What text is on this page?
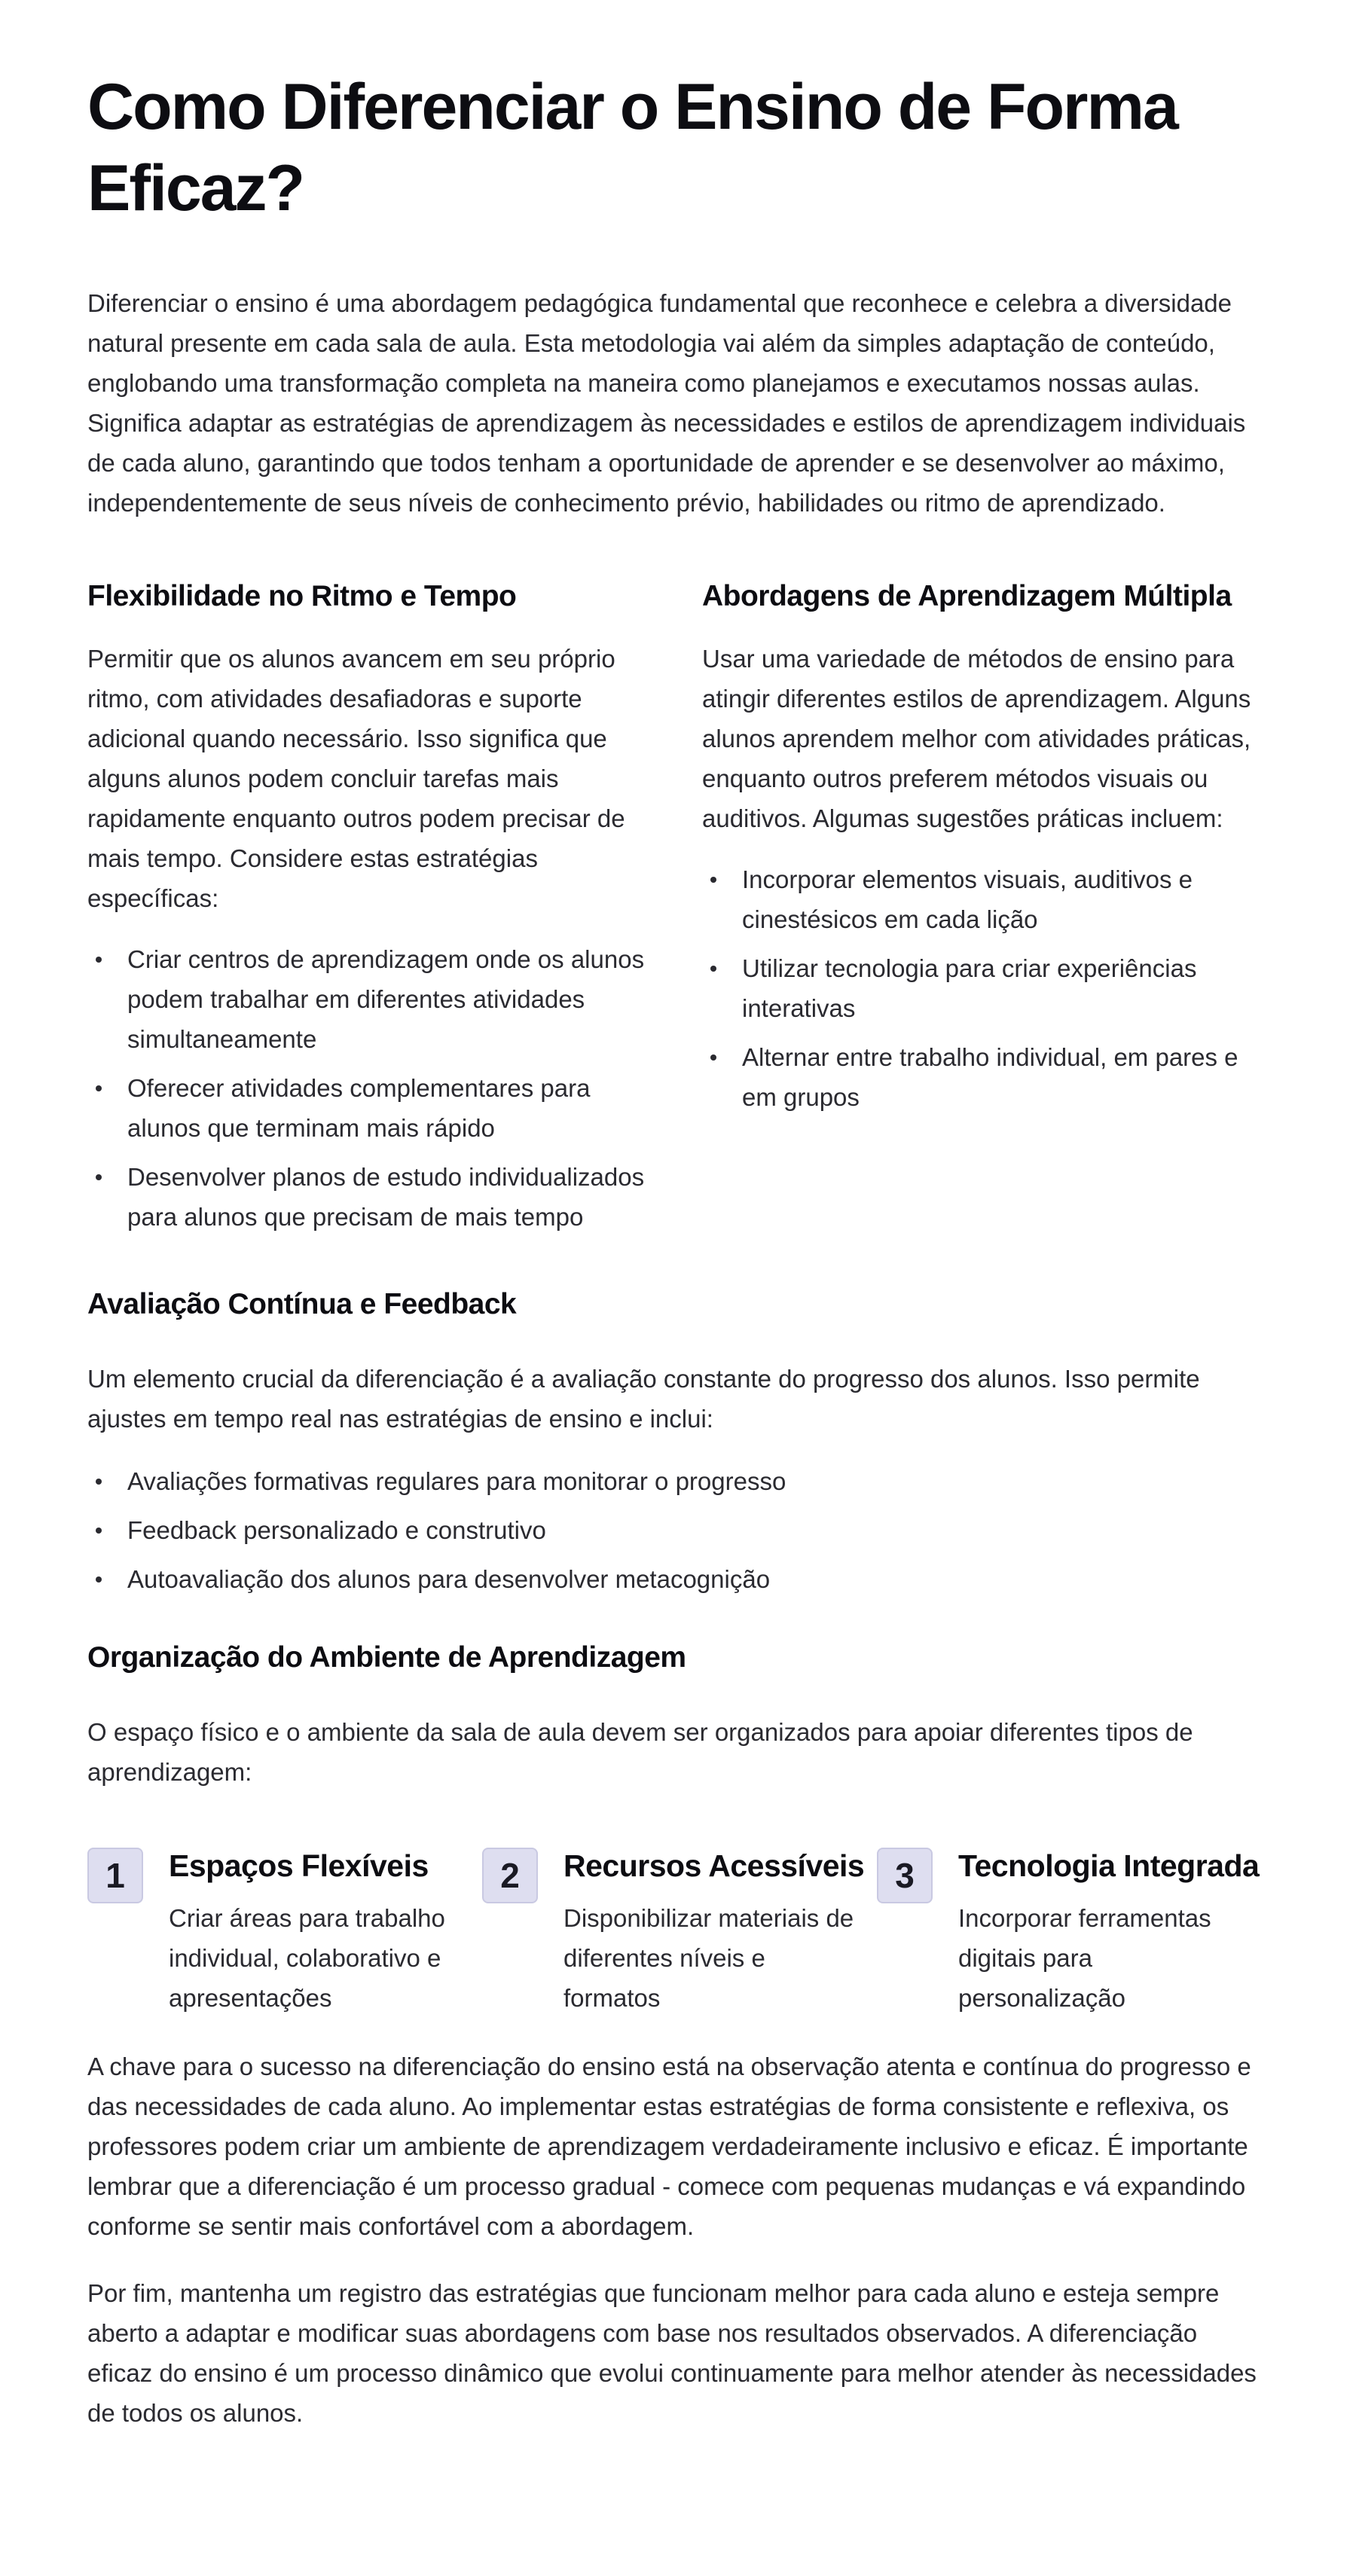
Como Diferenciar o Ensino de Forma Eficaz?

Diferenciar o ensino é uma abordagem pedagógica fundamental que reconhece e celebra a diversidade natural presente em cada sala de aula. Esta metodologia vai além da simples adaptação de conteúdo, englobando uma transformação completa na maneira como planejamos e executamos nossas aulas. Significa adaptar as estratégias de aprendizagem às necessidades e estilos de aprendizagem individuais de cada aluno, garantindo que todos tenham a oportunidade de aprender e se desenvolver ao máximo, independentemente de seus níveis de conhecimento prévio, habilidades ou ritmo de aprendizado.

Flexibilidade no Ritmo e Tempo

Permitir que os alunos avancem em seu próprio ritmo, com atividades desafiadoras e suporte adicional quando necessário. Isso significa que alguns alunos podem concluir tarefas mais rapidamente enquanto outros podem precisar de mais tempo. Considere estas estratégias específicas:

Criar centros de aprendizagem onde os alunos podem trabalhar em diferentes atividades simultaneamente
Oferecer atividades complementares para alunos que terminam mais rápido
Desenvolver planos de estudo individualizados para alunos que precisam de mais tempo
Abordagens de Aprendizagem Múltipla

Usar uma variedade de métodos de ensino para atingir diferentes estilos de aprendizagem. Alguns alunos aprendem melhor com atividades práticas, enquanto outros preferem métodos visuais ou auditivos. Algumas sugestões práticas incluem:

Incorporar elementos visuais, auditivos e cinestésicos em cada lição
Utilizar tecnologia para criar experiências interativas
Alternar entre trabalho individual, em pares e em grupos
Avaliação Contínua e Feedback

Um elemento crucial da diferenciação é a avaliação constante do progresso dos alunos. Isso permite ajustes em tempo real nas estratégias de ensino e inclui:

Avaliações formativas regulares para monitorar o progresso
Feedback personalizado e construtivo
Autoavaliação dos alunos para desenvolver metacognição
Organização do Ambiente de Aprendizagem

O espaço físico e o ambiente da sala de aula devem ser organizados para apoiar diferentes tipos de aprendizagem:

1	Espaços Flexíveis
Criar áreas para trabalho individual, colaborativo e apresentações
2	Recursos Acessíveis
Disponibilizar materiais de diferentes níveis e formatos
3	Tecnologia Integrada
Incorporar ferramentas digitais para personalização

A chave para o sucesso na diferenciação do ensino está na observação atenta e contínua do progresso e das necessidades de cada aluno. Ao implementar estas estratégias de forma consistente e reflexiva, os professores podem criar um ambiente de aprendizagem verdadeiramente inclusivo e eficaz. É importante lembrar que a diferenciação é um processo gradual - comece com pequenas mudanças e vá expandindo conforme se sentir mais confortável com a abordagem.

Por fim, mantenha um registro das estratégias que funcionam melhor para cada aluno e esteja sempre aberto a adaptar e modificar suas abordagens com base nos resultados observados. A diferenciação eficaz do ensino é um processo dinâmico que evolui continuamente para melhor atender às necessidades de todos os alunos.
